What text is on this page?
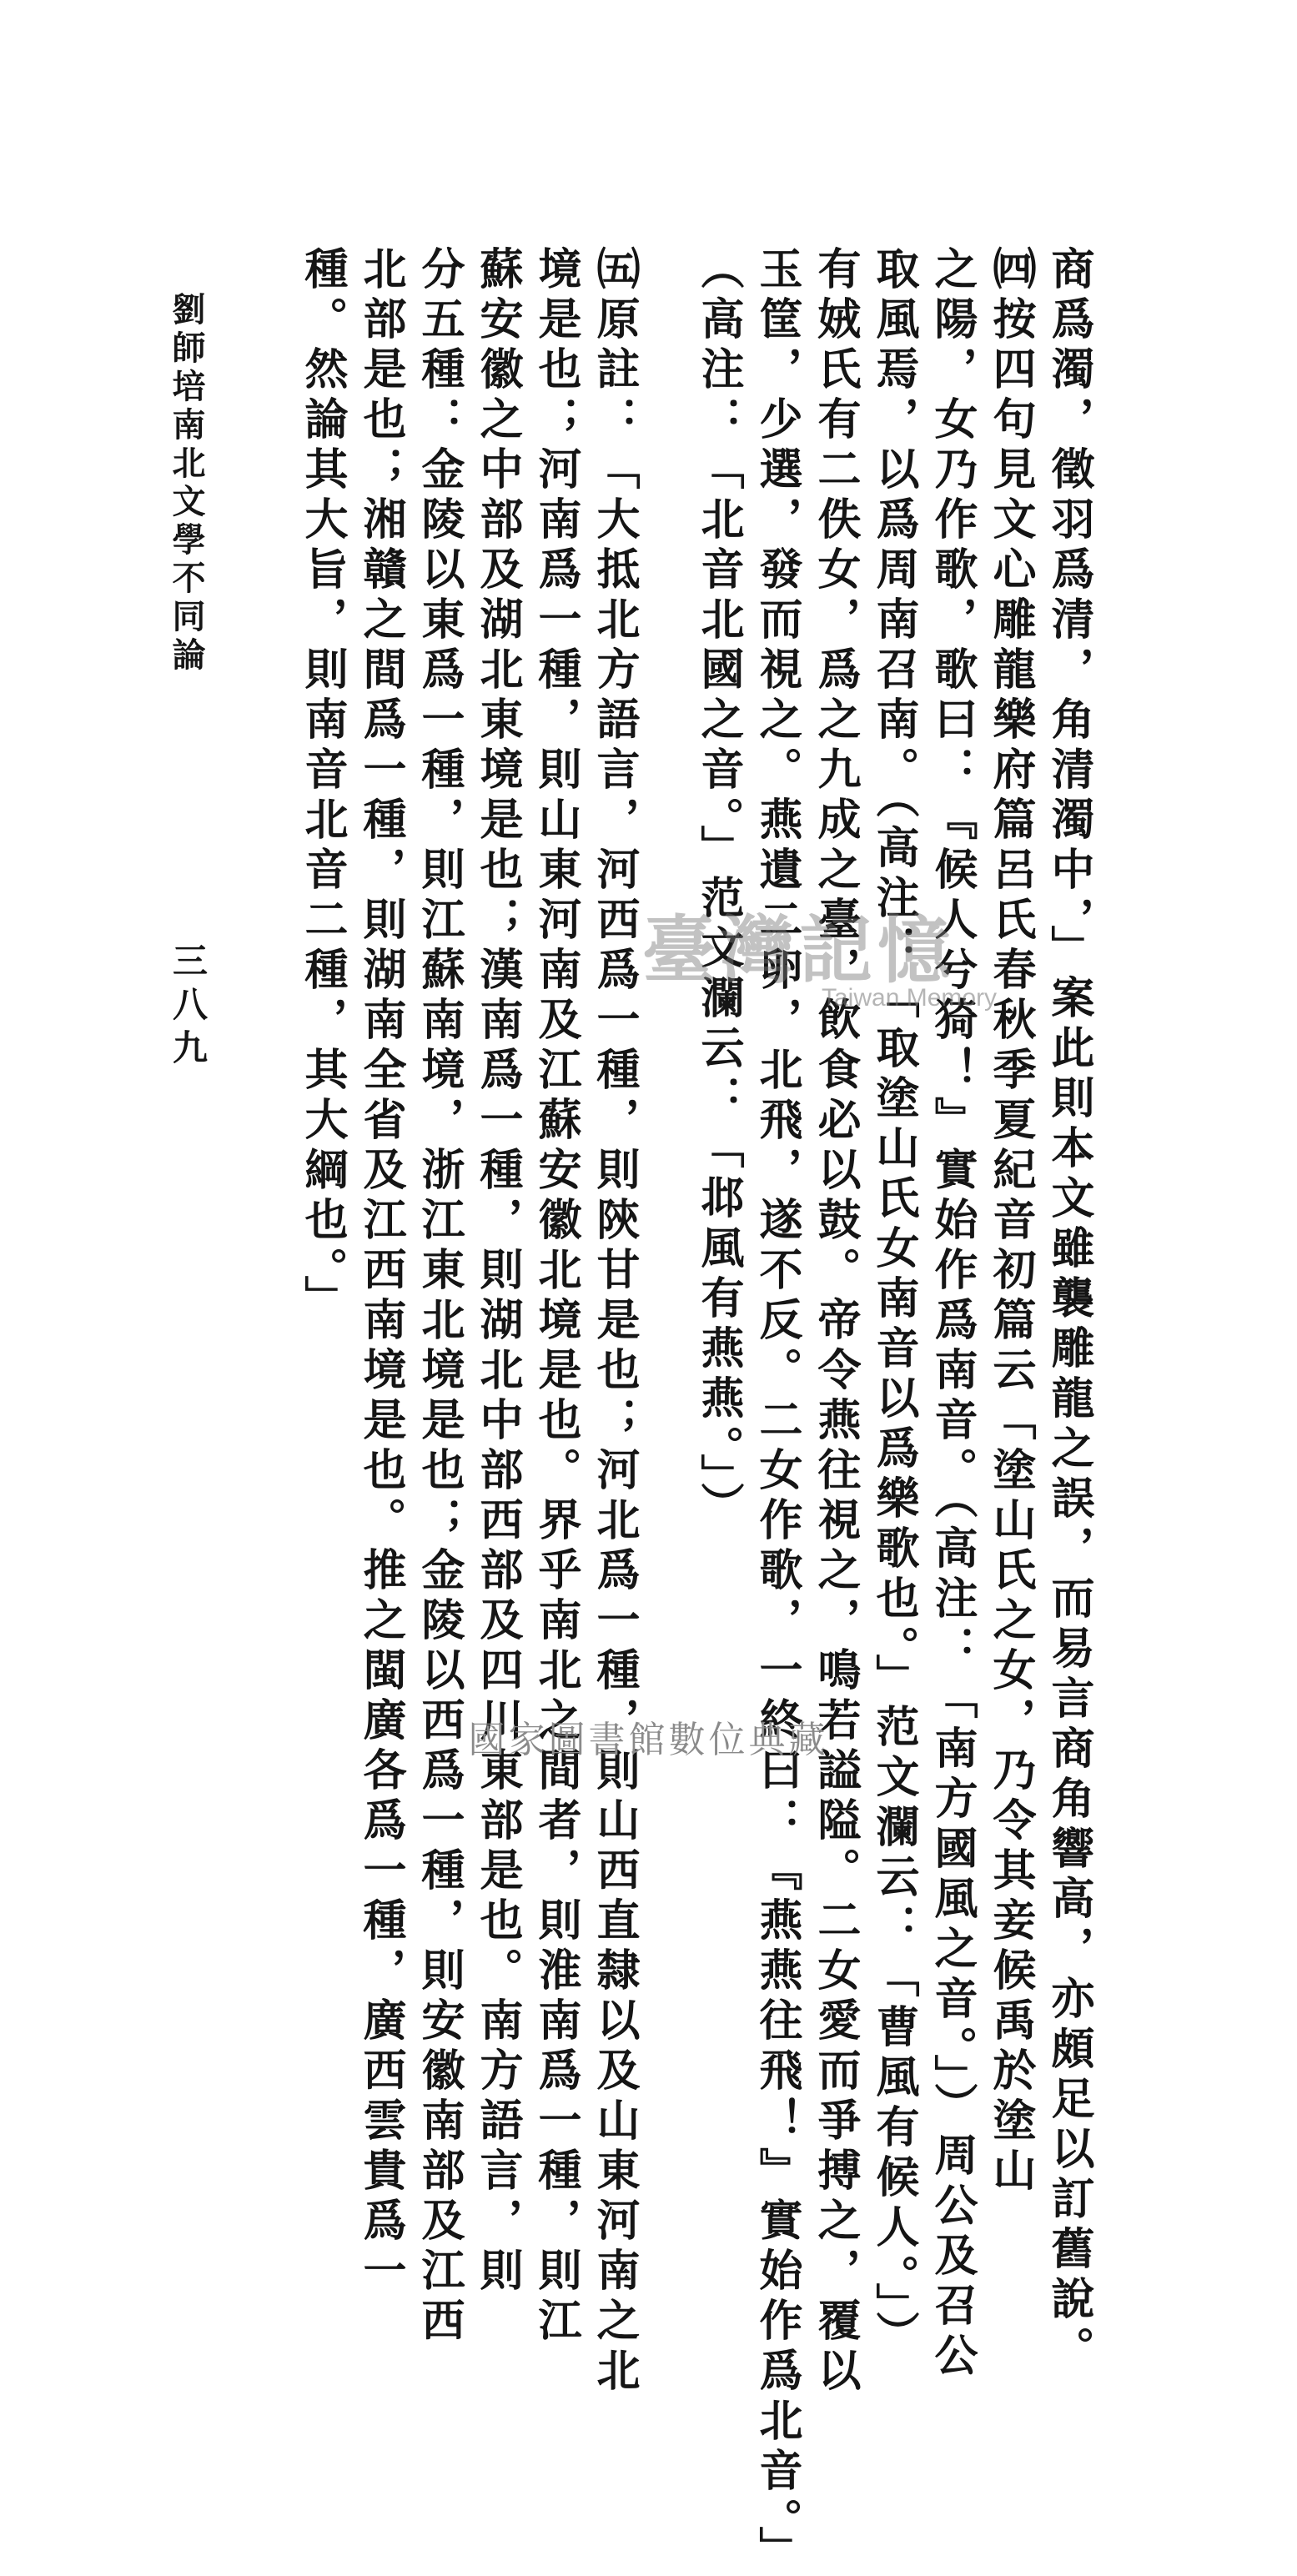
商爲濁，徵羽爲清，角清濁中，」案此則本文雖襲雕龍之誤，而易言商角響高，亦頗足以訂舊說。
㈣按四句見文心雕龍樂府篇呂氏春秋季夏紀音初篇云「塗山氏之女，乃令其妾候禹於塗山
之陽，女乃作歌，歌曰：『候人兮猗！』實始作爲南音。（高注：「南方國風之音。」）周公及召公
取風焉，以爲周南召南。（高注：「取塗山氏女南音以爲樂歌也。」范文瀾云：「曹風有候人。」）
有娀氏有二佚女，爲之九成之臺，飲食必以鼓。帝令燕往視之，鳴若謚隘。二女愛而爭搏之，覆以
玉筐，少選，發而視之。燕遺二卵，北飛，遂不反。二女作歌，一終曰：『燕燕往飛！』實始作爲北音。」
（高注：「北音北國之音。」范文瀾云：「邶風有燕燕。」）
㈤原註：「大抵北方語言，河西爲一種，則陝甘是也；河北爲一種，則山西直隸以及山東河南之北
境是也；河南爲一種，則山東河南及江蘇安徽北境是也。界乎南北之間者，則淮南爲一種，則江
蘇安徽之中部及湖北東境是也；漢南爲一種，則湖北中部西部及四川東部是也。南方語言，則
分五種：金陵以東爲一種，則江蘇南境，浙江東北境是也；金陵以西爲一種，則安徽南部及江西
北部是也；湘贛之間爲一種，則湖南全省及江西南境是也。推之閩廣各爲一種，廣西雲貴爲一
種。然論其大旨，則南音北音二種，其大綱也。」
劉師培南北文學不同論
三八九	臺灣記憶
Taiwan Memory
國家圖書館數位典藏
